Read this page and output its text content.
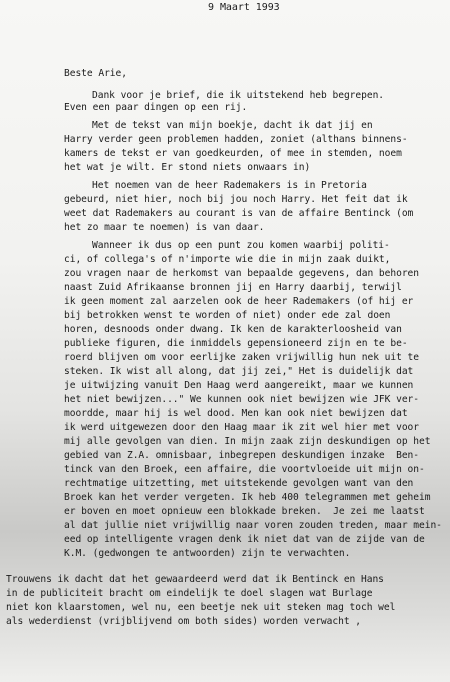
9 Maart 1993
Beste Arie,
Dank voor je brief, die ik uitstekend heb begrepen.
Even een paar dingen op een rij.
Met de tekst van mijn boekje, dacht ik dat jij en
Harry verder geen problemen hadden, zoniet (althans binnens-
kamers de tekst er van goedkeurden, of mee in stemden, noem
het wat je wilt. Er stond niets onwaars in)
Het noemen van de heer Rademakers is in Pretoria
gebeurd, niet hier, noch bij jou noch Harry. Het feit dat ik
weet dat Rademakers au courant is van de affaire Bentinck (om
het zo maar te noemen) is van daar.
Wanneer ik dus op een punt zou komen waarbij politi-
ci, of collega's of n'importe wie die in mijn zaak duikt,
zou vragen naar de herkomst van bepaalde gegevens, dan behoren
naast Zuid Afrikaanse bronnen jij en Harry daarbij, terwijl
ik geen moment zal aarzelen ook de heer Rademakers (of hij er
bij betrokken wenst te worden of niet) onder ede zal doen
horen, desnoods onder dwang. Ik ken de karakterloosheid van
publieke figuren, die inmiddels gepensioneerd zijn en te be-
roerd blijven om voor eerlijke zaken vrijwillig hun nek uit te
steken. Ik wist all along, dat jij zei," Het is duidelijk dat
je uitwijzing vanuit Den Haag werd aangereikt, maar we kunnen
het niet bewijzen..." We kunnen ook niet bewijzen wie JFK ver-
moordde, maar hij is wel dood. Men kan ook niet bewijzen dat
ik werd uitgewezen door den Haag maar ik zit wel hier met voor
mij alle gevolgen van dien. In mijn zaak zijn deskundigen op het
gebied van Z.A. omnisbaar, inbegrepen deskundigen inzake  Ben-
tinck van den Broek, een affaire, die voortvloeide uit mijn on-
rechtmatige uitzetting, met uitstekende gevolgen want van den
Broek kan het verder vergeten. Ik heb 400 telegrammen met geheim
er boven en moet opnieuw een blokkade breken.  Je zei me laatst
al dat jullie niet vrijwillig naar voren zouden treden, maar mein-
eed op intelligente vragen denk ik niet dat van de zijde van de
K.M. (gedwongen te antwoorden) zijn te verwachten.
Trouwens ik dacht dat het gewaardeerd werd dat ik Bentinck en Hans
in de publiciteit bracht om eindelijk te doel slagen wat Burlage
niet kon klaarstomen, wel nu, een beetje nek uit steken mag toch wel
als wederdienst (vrijblijvend om both sides) worden verwacht ,
